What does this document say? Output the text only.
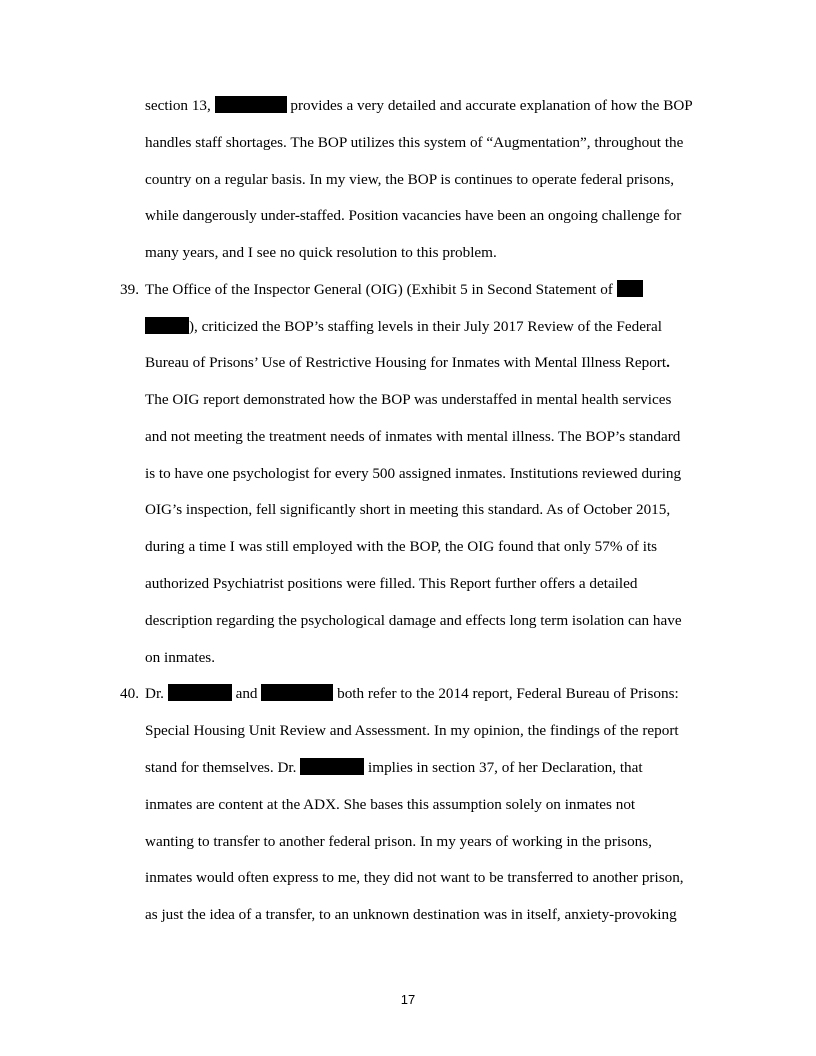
section 13,	provides a very detailed and accurate explanation of how the BOP
handles staff shortages. The BOP utilizes this system of “Augmentation”, throughout the
country on a regular basis. In my view, the BOP is continues to operate federal prisons,
while dangerously under-staffed. Position vacancies have been an ongoing challenge for
many years, and I see no quick resolution to this problem.
39. The Office of the Inspector General (OIG) (Exhibit 5 in Second Statement of
), criticized the BOP’s staffing levels in their July 2017 Review of the Federal
Bureau of Prisons’ Use of Restrictive Housing for Inmates with Mental Illness Report.
The OIG report demonstrated how the BOP was understaffed in mental health services
and not meeting the treatment needs of inmates with mental illness. The BOP’s standard
is to have one psychologist for every 500 assigned inmates. Institutions reviewed during
OIG’s inspection, fell significantly short in meeting this standard. As of October 2015,
during a time I was still employed with the BOP, the OIG found that only 57% of its
authorized Psychiatrist positions were filled. This Report further offers a detailed
description regarding the psychological damage and effects long term isolation can have
on inmates.
40. Dr.	and	both refer to the 2014 report, Federal Bureau of Prisons:
Special Housing Unit Review and Assessment. In my opinion, the findings of the report
stand for themselves. Dr.	implies in section 37, of her Declaration, that
inmates are content at the ADX. She bases this assumption solely on inmates not
wanting to transfer to another federal prison. In my years of working in the prisons,
inmates would often express to me, they did not want to be transferred to another prison,
as just the idea of a transfer, to an unknown destination was in itself, anxiety-provoking
17
